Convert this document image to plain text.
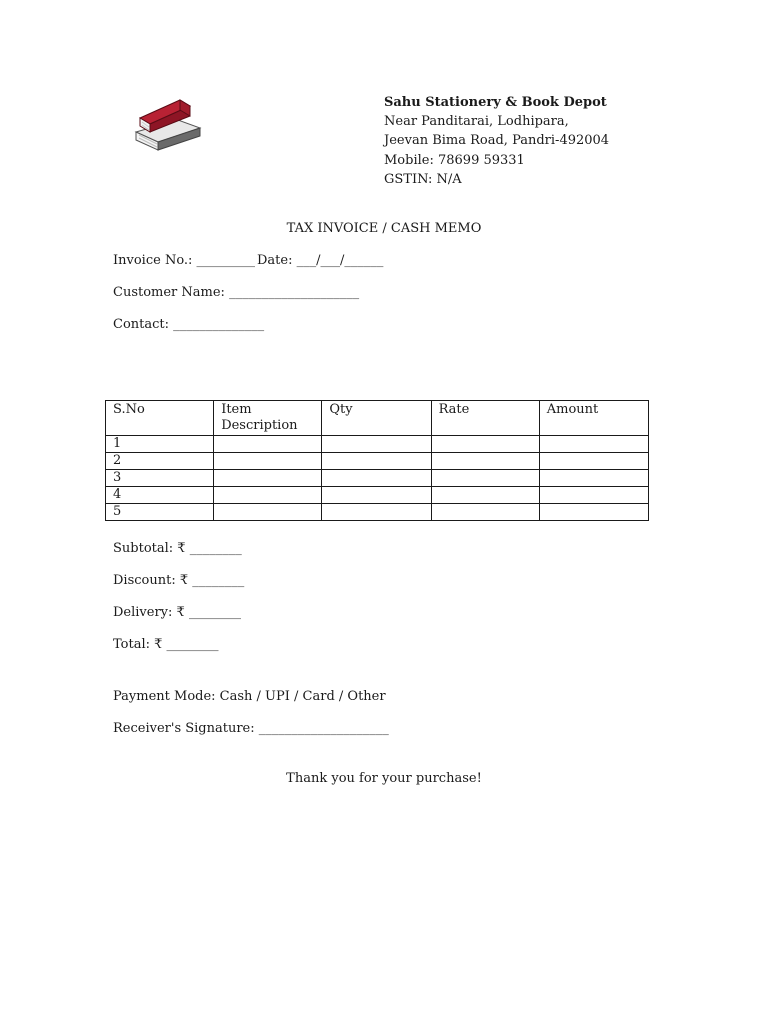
Sahu Stationery & Book Depot
Near Panditarai, Lodhipara,
Jeevan Bima Road, Pandri-492004
Mobile: 78699 59331
GSTIN: N/A
TAX INVOICE / CASH MEMO
Invoice No.: _________ Date: ___/___/______
Customer Name: ____________________
Contact: ______________
S.No	Item Description	Qty	Rate	Amount
1				
2				
3				
4				
5				
Subtotal: ₹ ________
Discount: ₹ ________
Delivery: ₹ ________
Total: ₹ ________
Payment Mode: Cash / UPI / Card / Other
Receiver's Signature: ____________________
Thank you for your purchase!
